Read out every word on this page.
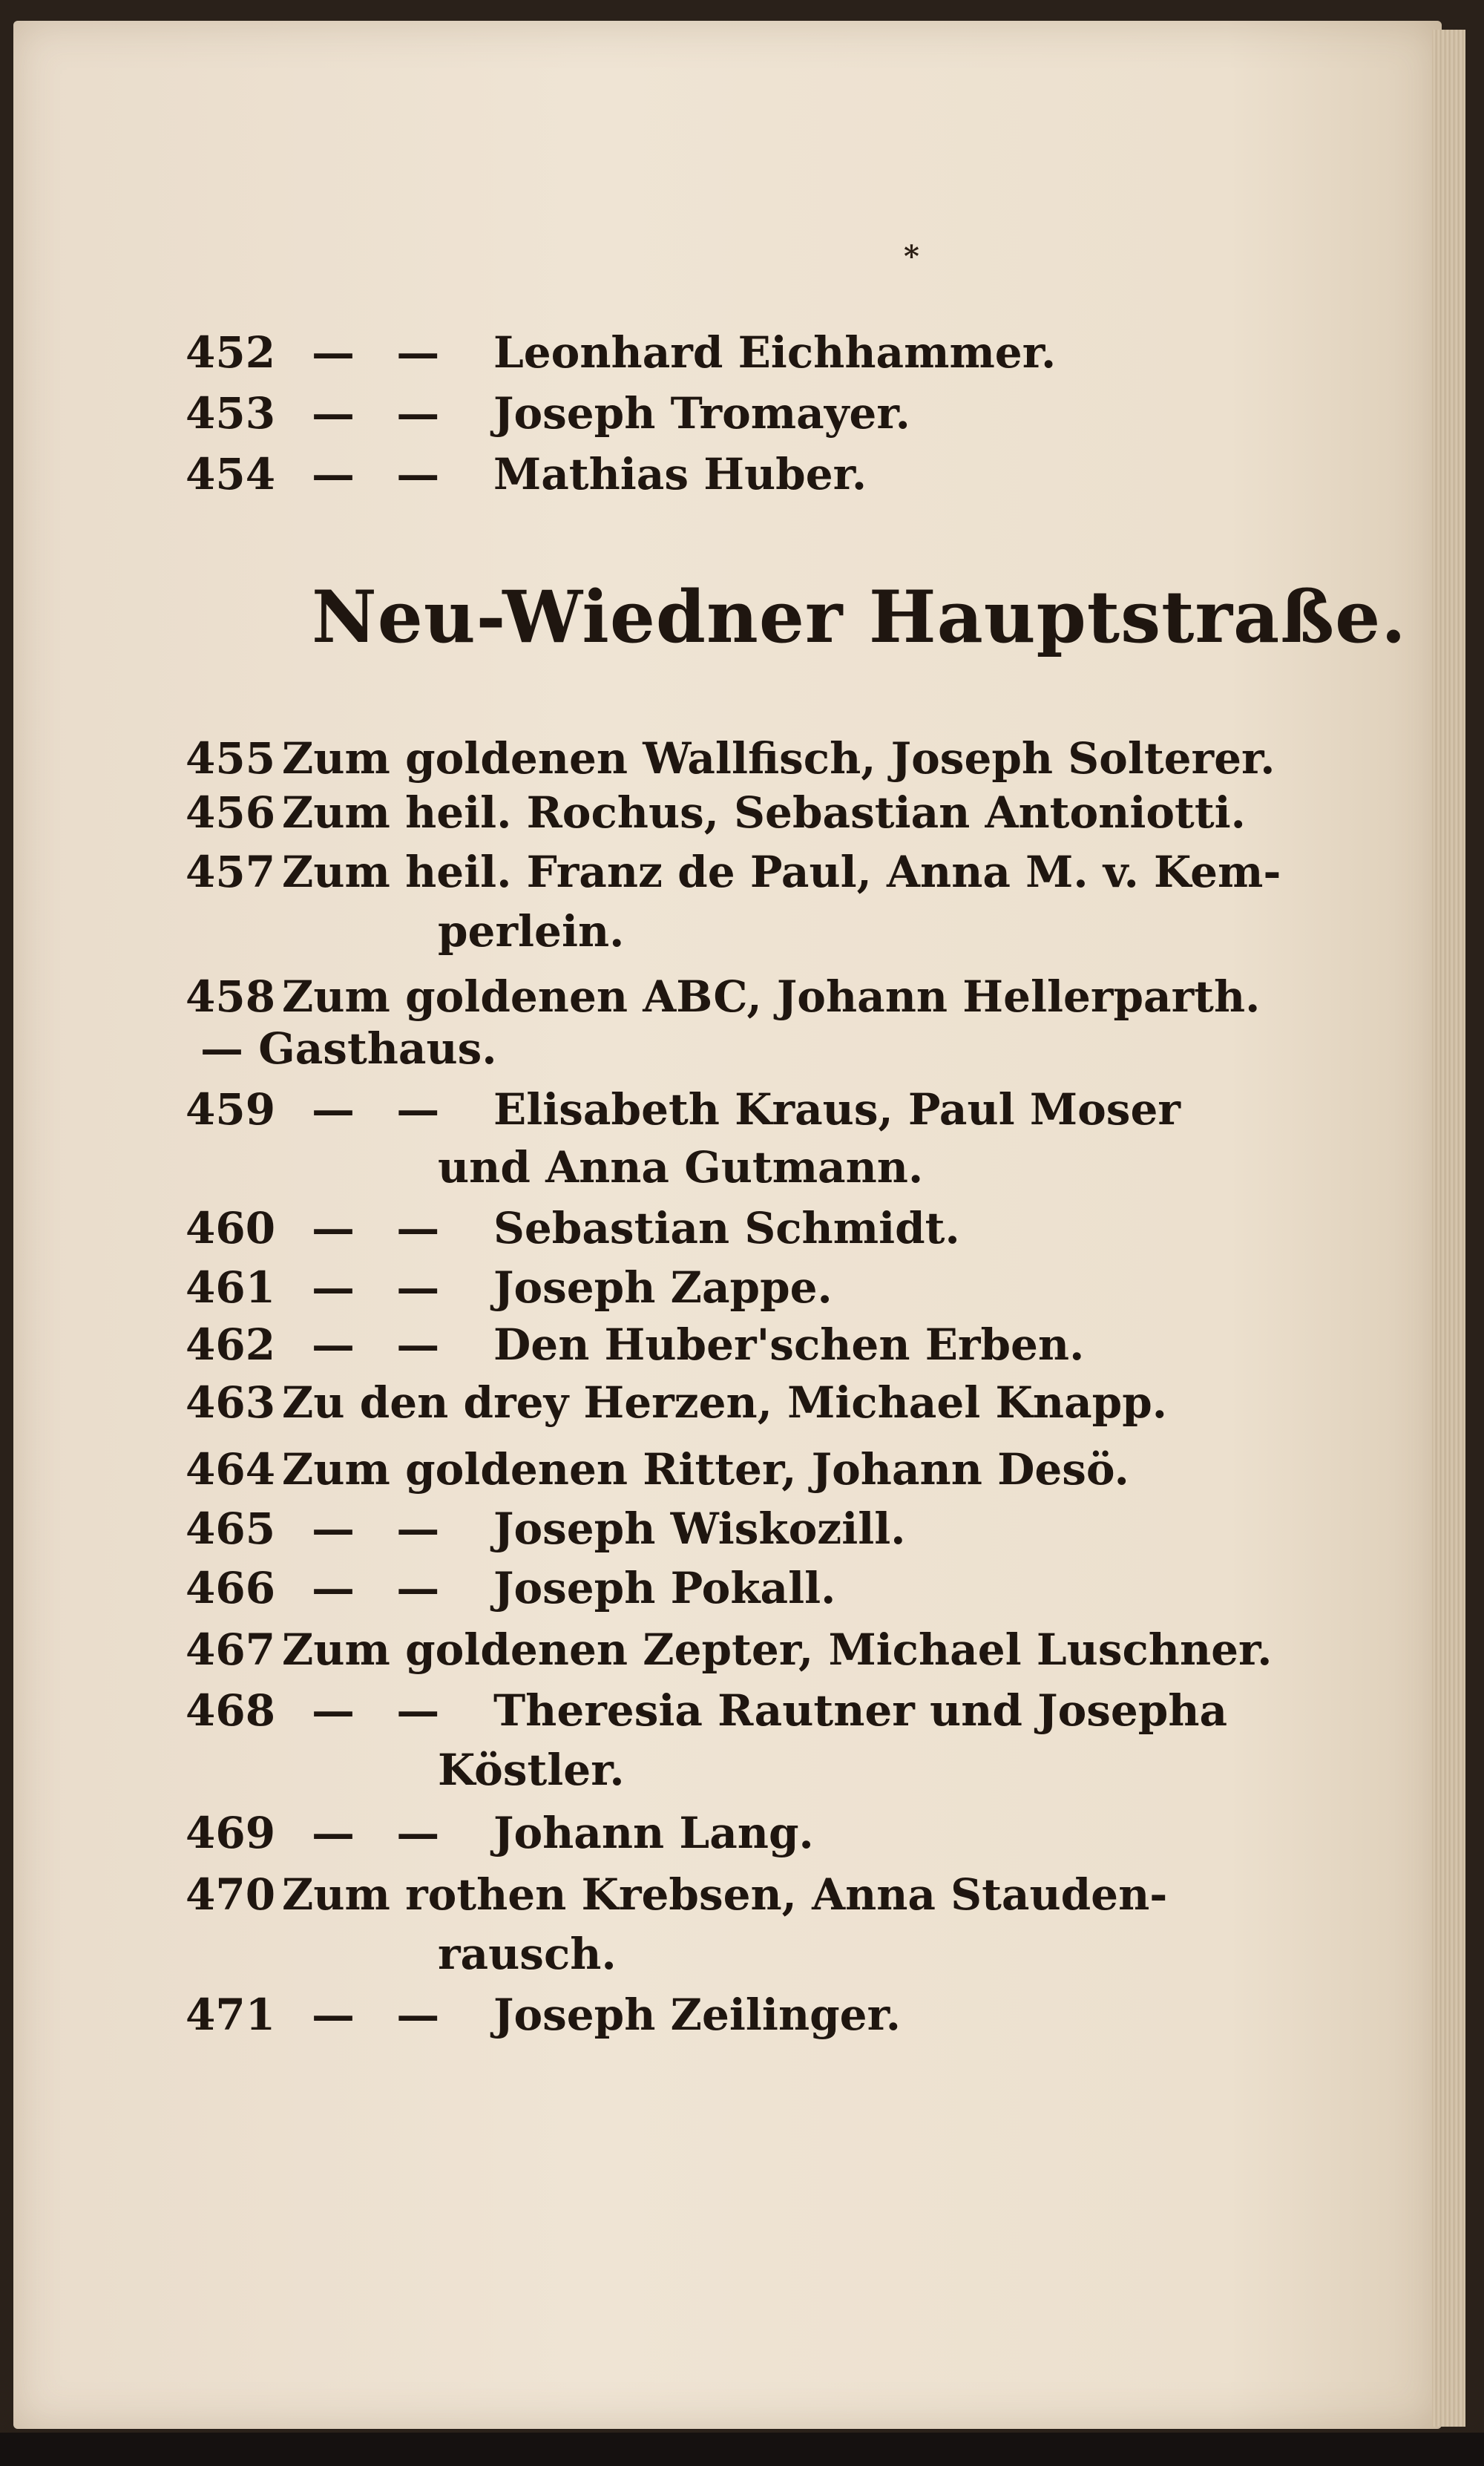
*
Neu-Wiedner Hauptstraße.
452 — — Leonhard Eichhammer.
453 — — Joseph Tromayer.
454 — — Mathias Huber.
455 Zum goldenen Wallfisch, Joseph Solterer.
456 Zum heil. Rochus, Sebastian Antoniotti.
457 Zum heil. Franz de Paul, Anna M. v. Kem-
perlein.
458 Zum goldenen ABC, Johann Hellerparth.
— Gasthaus.
459 — — Elisabeth Kraus, Paul Moser
und Anna Gutmann.
460 — — Sebastian Schmidt.
461 — — Joseph Zappe.
462 — — Den Huber'schen Erben.
463 Zu den drey Herzen, Michael Knapp.
464 Zum goldenen Ritter, Johann Desö.
465 — — Joseph Wiskozill.
466 — — Joseph Pokall.
467 Zum goldenen Zepter, Michael Luschner.
468 — — Theresia Rautner und Josepha
Köstler.
469 — — Johann Lang.
470 Zum rothen Krebsen, Anna Stauden-
rausch.
471 — — Joseph Zeilinger.
